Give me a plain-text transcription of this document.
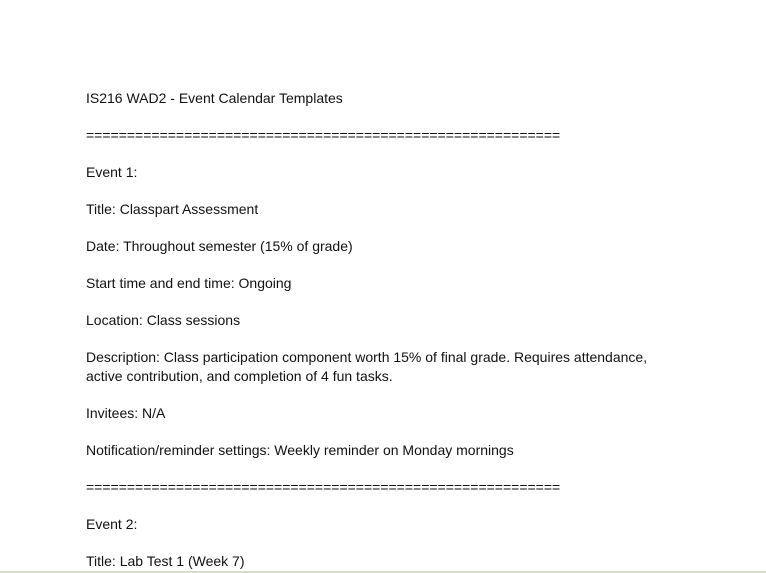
IS216 WAD2 - Event Calendar Templates
==========================================================
Event 1:
Title: Classpart Assessment
Date: Throughout semester (15% of grade)
Start time and end time: Ongoing
Location: Class sessions
Description: Class participation component worth 15% of final grade. Requires attendance, active contribution, and completion of 4 fun tasks.
Invitees: N/A
Notification/reminder settings: Weekly reminder on Monday mornings
==========================================================
Event 2:
Title: Lab Test 1 (Week 7)
